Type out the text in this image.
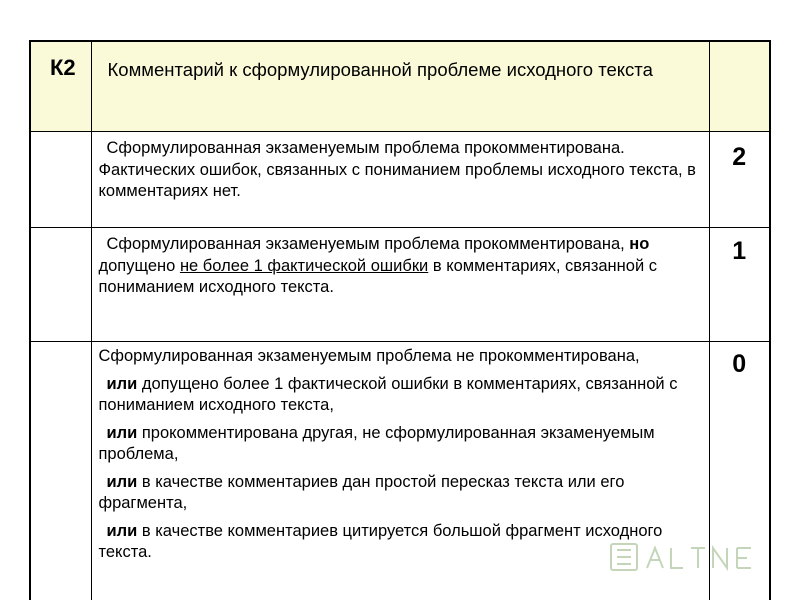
К2	Комментарий к сформулированной проблеме исходного текста	
	Сформулированная экзаменуемым проблема прокомментирована. Фактических ошибок, связанных с пониманием проблемы исходного текста, в комментариях нет.	2
	Сформулированная экзаменуемым проблема прокомментирована, но допущено не более 1 фактической ошибки в комментариях, связанной с пониманием исходного текста.	1

	Сформулированная экзаменуемым проблема не прокомментирована,

или допущено более 1 фактической ошибки в комментариях, связанной с пониманием исходного текста,

или прокомментирована другая, не сформулированная экзаменуемым проблема,

или в качестве комментариев дан простой пересказ текста или его фрагмента,

или в качестве комментариев цитируется большой фрагмент исходного текста.	0
